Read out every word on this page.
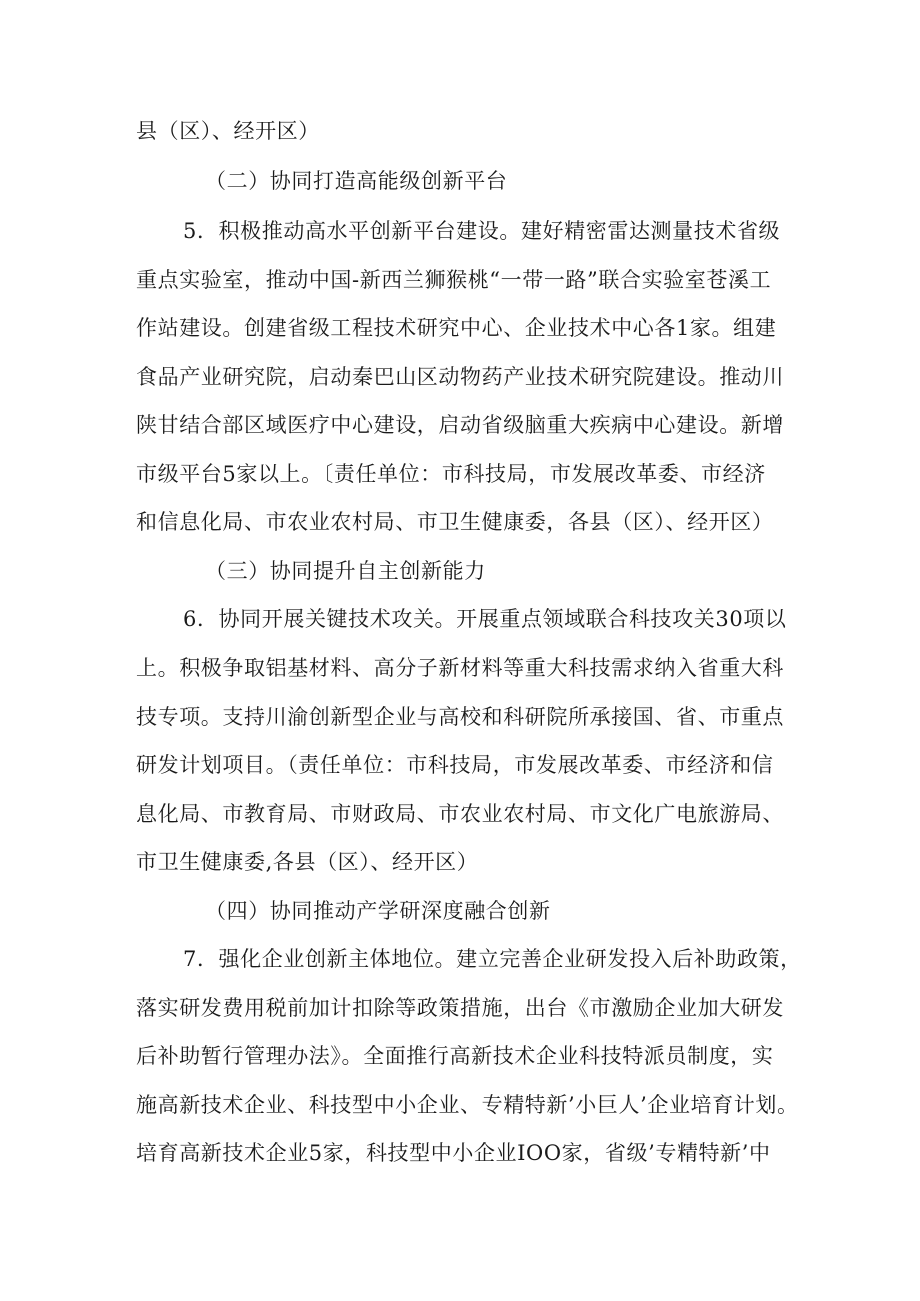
县（区）、经开区）
（二）协同打造高能级创新平台
5．积极推动高水平创新平台建设。建好精密雷达测量技术省级
重点实验室，推动中国-新西兰狮猴桃“一带一路”联合实验室苍溪工
作站建设。创建省级工程技术研究中心、企业技术中心各1家。组建
食品产业研究院，启动秦巴山区动物药产业技术研究院建设。推动川
陕甘结合部区域医疗中心建设，启动省级脑重大疾病中心建设。新增
市级平台5家以上。〔责任单位：市科技局，市发展改革委、市经济
和信息化局、市农业农村局、市卫生健康委，各县（区）、经开区）
（三）协同提升自主创新能力
6．协同开展关键技术攻关。开展重点领域联合科技攻关30项以
上。积极争取铝基材料、高分子新材料等重大科技需求纳入省重大科
技专项。支持川渝创新型企业与高校和科研院所承接国、省、市重点
研发计划项目。（责任单位：市科技局，市发展改革委、市经济和信
息化局、市教育局、市财政局、市农业农村局、市文化广电旅游局、
市卫生健康委,各县（区）、经开区）
（四）协同推动产学研深度融合创新
7．强化企业创新主体地位。建立完善企业研发投入后补助政策，
落实研发费用税前加计扣除等政策措施，出台《市激励企业加大研发
后补助暂行管理办法》。全面推行高新技术企业科技特派员制度，实
施高新技术企业、科技型中小企业、专精特新’小巨人’企业培育计划。
培育高新技术企业5家，科技型中小企业IOO家，省级’专精特新’中
